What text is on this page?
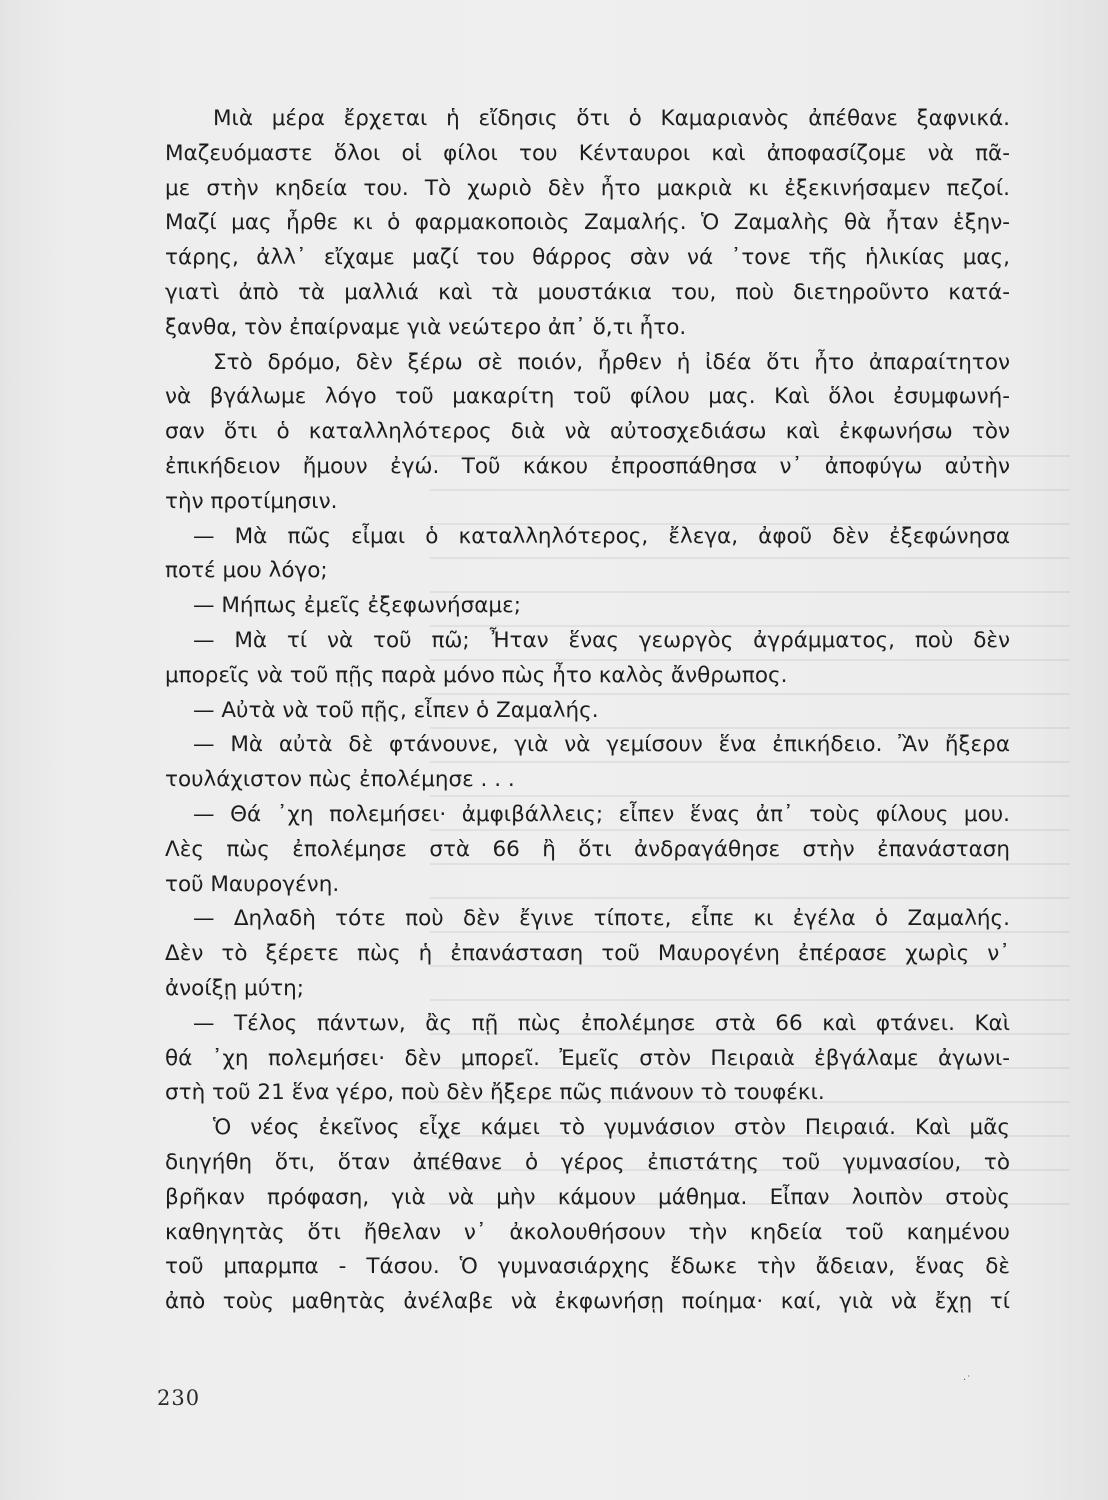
Μιὰ μέρα ἔρχεται ἡ εἴδησις ὅτι ὁ Καμαριανὸς ἀπέθανε ξαφνικά.
Μαζευόμαστε ὅλοι οἱ φίλοι του Κένταυροι καὶ ἀποφασίζομε νὰ πᾶ-
με στὴν κηδεία του. Τὸ χωριὸ δὲν ἦτο μακριὰ κι ἐξεκινήσαμεν πεζοί.
Μαζί μας ἦρθε κι ὁ φαρμακοποιὸς Ζαμαλής. Ὁ Ζαμαλὴς θὰ ἦταν ἑξην-
τάρης, ἀλλ᾽ εἴχαμε μαζί του θάρρος σὰν νά ᾽τονε τῆς ἡλικίας μας,
γιατὶ ἀπὸ τὰ μαλλιά καὶ τὰ μουστάκια του, ποὺ διετηροῦντο κατά-
ξανθα, τὸν ἐπαίρναμε γιὰ νεώτερο ἀπ᾽ ὅ,τι ἦτο.
Στὸ δρόμο, δὲν ξέρω σὲ ποιόν, ἦρθεν ἡ ἰδέα ὅτι ἦτο ἀπαραίτητον
νὰ βγάλωμε λόγο τοῦ μακαρίτη τοῦ φίλου μας. Καὶ ὅλοι ἐσυμφωνή-
σαν ὅτι ὁ καταλληλότερος διὰ νὰ αὐτοσχεδιάσω καὶ ἐκφωνήσω τὸν
ἐπικήδειον ἤμουν ἐγώ. Τοῦ κάκου ἐπροσπάθησα ν᾽ ἀποφύγω αὐτὴν
τὴν προτίμησιν.
— Μὰ πῶς εἶμαι ὁ καταλληλότερος, ἔλεγα, ἀφοῦ δὲν ἐξεφώνησα
ποτέ μου λόγο;
— Μήπως ἐμεῖς ἐξεφωνήσαμε;
— Μὰ τί νὰ τοῦ πῶ; Ἦταν ἕνας γεωργὸς ἀγράμματος, ποὺ δὲν
μπορεῖς νὰ τοῦ πῇς παρὰ μόνο πὼς ἦτο καλὸς ἄνθρωπος.
— Αὐτὰ νὰ τοῦ πῇς, εἶπεν ὁ Ζαμαλής.
— Μὰ αὐτὰ δὲ φτάνουνε, γιὰ νὰ γεμίσουν ἕνα ἐπικήδειο. Ἂν ἤξερα
τουλάχιστον πὼς ἐπολέμησε . . .
— Θά ᾽χη πολεμήσει· ἀμφιβάλλεις; εἶπεν ἕνας ἀπ᾽ τοὺς φίλους μου.
Λὲς πὼς ἐπολέμησε στὰ 66 ἢ ὅτι ἀνδραγάθησε στὴν ἐπανάσταση
τοῦ Μαυρογένη.
— Δηλαδὴ τότε ποὺ δὲν ἔγινε τίποτε, εἶπε κι ἐγέλα ὁ Ζαμαλής.
Δὲν τὸ ξέρετε πὼς ἡ ἐπανάσταση τοῦ Μαυρογένη ἐπέρασε χωρὶς ν᾽
ἀνοίξῃ μύτη;
— Τέλος πάντων, ἂς πῇ πὼς ἐπολέμησε στὰ 66 καὶ φτάνει. Καὶ
θά ᾽χη πολεμήσει· δὲν μπορεῖ. Ἐμεῖς στὸν Πειραιὰ ἐβγάλαμε ἀγωνι-
στὴ τοῦ 21 ἕνα γέρο, ποὺ δὲν ἤξερε πῶς πιάνουν τὸ τουφέκι.
Ὁ νέος ἐκεῖνος εἶχε κάμει τὸ γυμνάσιον στὸν Πειραιά. Καὶ μᾶς
διηγήθη ὅτι, ὅταν ἀπέθανε ὁ γέρος ἐπιστάτης τοῦ γυμνασίου, τὸ
βρῆκαν πρόφαση, γιὰ νὰ μὴν κάμουν μάθημα. Εἶπαν λοιπὸν στοὺς
καθηγητὰς ὅτι ἤθελαν ν᾽ ἀκολουθήσουν τὴν κηδεία τοῦ καημένου
τοῦ μπαρμπα - Τάσου. Ὁ γυμνασιάρχης ἔδωκε τὴν ἄδειαν, ἕνας δὲ
ἀπὸ τοὺς μαθητὰς ἀνέλαβε νὰ ἐκφωνήσῃ ποίημα· καί, γιὰ νὰ ἔχῃ τί
230
·˙
